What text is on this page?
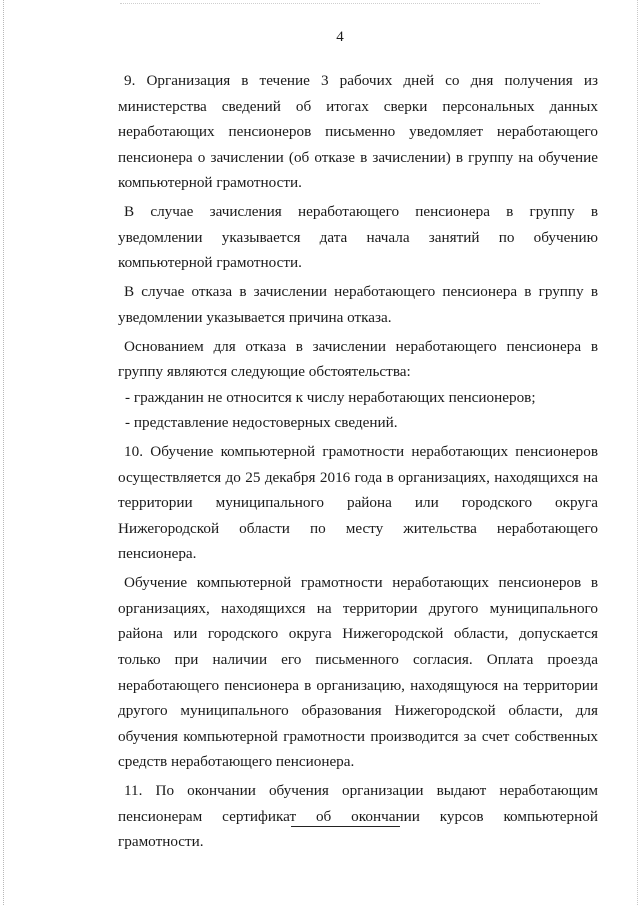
4

9. Организация в течение 3 рабочих дней со дня получения из министерства сведений об итогах сверки персональных данных неработающих пенсионеров письменно уведомляет неработающего пенсионера о зачислении (об отказе в зачислении) в группу на обучение компьютерной грамотности.

В случае зачисления неработающего пенсионера в группу в уведомлении указывается дата начала занятий по обучению компьютерной грамотности.

В случае отказа в зачислении неработающего пенсионера в группу в уведомлении указывается причина отказа.

Основанием для отказа в зачислении неработающего пенсионера в группу являются следующие обстоятельства:

- гражданин не относится к числу неработающих пенсионеров;

- представление недостоверных сведений.

10. Обучение компьютерной грамотности неработающих пенсионеров осуществляется до 25 декабря 2016 года в организациях, находящихся на территории муниципального района или городского округа Нижегородской области по месту жительства неработающего пенсионера.

Обучение компьютерной грамотности неработающих пенсионеров в организациях, находящихся на территории другого муниципального района или городского округа Нижегородской области, допускается только при наличии его письменного согласия. Оплата проезда неработающего пенсионера в организацию, находящуюся на территории другого муниципального образования Нижегородской области, для обучения компьютерной грамотности производится за счет собственных средств неработающего пенсионера.

11. По окончании обучения организации выдают неработающим пенсионерам сертификат об окончании курсов компьютерной грамотности.
